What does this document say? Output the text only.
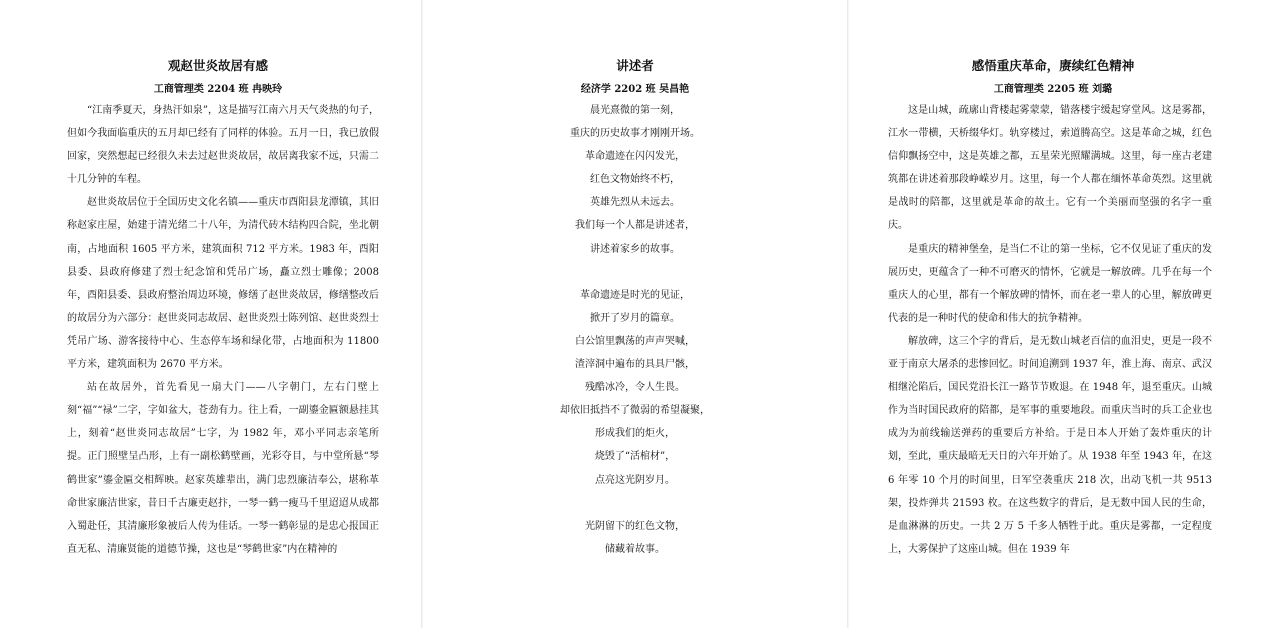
观赵世炎故居有感
工商管理类 2204 班 冉映玲

“江南季夏天，身热汗如泉”，这是描写江南六月天气炎热的句子，但如今我面临重庆的五月却已经有了同样的体验。五月一日，我已放假回家，突然想起已经很久未去过赵世炎故居，故居离我家不远，只需二十几分钟的车程。

赵世炎故居位于全国历史文化名镇——重庆市酉阳县龙潭镇，其旧称赵家庄屋，始建于清光绪二十八年，为清代砖木结构四合院，坐北朝南，占地面积 1605 平方米，建筑面积 712 平方米。1983 年，酉阳县委、县政府修建了烈士纪念馆和凭吊广场，矗立烈士雕像；2008 年，酉阳县委、县政府整治周边环境，修缮了赵世炎故居，修缮整改后的故居分为六部分：赵世炎同志故居、赵世炎烈士陈列馆、赵世炎烈士凭吊广场、游客接待中心、生态停车场和绿化带，占地面积为 11800 平方米，建筑面积为 2670 平方米。

站在故居外，首先看见一扇大门——八字朝门，左右门壁上刻“福”“禄”二字，字如盆大，苍劲有力。往上看，一副鎏金匾额悬挂其上，刻着“赵世炎同志故居”七字，为 1982 年，邓小平同志亲笔所提。正门照壁呈凸形，上有一副松鹤壁画，光彩夺目，与中堂所悬“琴鹤世家”鎏金匾交相辉映。赵家英雄辈出，满门忠烈廉洁奉公，堪称革命世家廉洁世家，昔日千古廉吏赵抃，一琴一鹤一瘦马千里迢迢从成都入蜀赴任，其清廉形象被后人传为佳话。一琴一鹤彰显的是忠心报国正直无私、清廉贤能的道德节操，这也是“琴鹤世家”内在精神的

讲述者
经济学 2202 班 吴昌艳
晨光熹微的第一刻，
重庆的历史故事才刚刚开场。
革命遗迹在闪闪发光，
红色文物始终不朽，
英雄先烈从未远去。
我们每一个人都是讲述者，
讲述着家乡的故事。
革命遗迹是时光的见证，
掀开了岁月的篇章。
白公馆里飘荡的声声哭喊，
渣滓洞中遍布的具具尸骸，
残酷冰冷，令人生畏。
却依旧抵挡不了微弱的希望凝聚，
形成我们的炬火，
烧毁了“活棺材”，
点亮这光阴岁月。
光阴留下的红色文物，
储藏着故事。
感悟重庆革命，赓续红色精神
工商管理类 2205 班 刘璐

这是山城，疏廓山背楼起雾蒙蒙，错落楼宇缓起穿堂风。这是雾都，江水一带横，天桥缀华灯。轨穿楼过，索道腾高空。这是革命之城，红色信仰飘扬空中，这是英雄之都，五星荣光照耀满城。这里，每一座古老建筑都在讲述着那段峥嵘岁月。这里，每一个人都在缅怀革命英烈。这里就是战时的陪都，这里就是革命的故土。它有一个美丽而坚强的名字一重庆。

是重庆的精神堡垒，是当仁不让的第一坐标，它不仅见证了重庆的发展历史，更蕴含了一种不可磨灭的情怀，它就是一解放碑。几乎在每一个重庆人的心里，都有一个解放碑的情怀，而在老一辈人的心里，解放碑更代表的是一种时代的使命和伟大的抗争精神。

解放碑，这三个字的背后，是无数山城老百信的血泪史，更是一段不亚于南京大屠杀的悲惨回忆。时间追溯到 1937 年，淮上海、南京、武汉相继沦陷后，国民党沿长江一路节节败退。在 1948 年，退至重庆。山城作为当时国民政府的陪都，是军事的重要地段。而重庆当时的兵工企业也成为为前线输送弹药的重要后方补给。于是日本人开始了轰炸重庆的计划，至此，重庆最暗无天日的六年开始了。从 1938 年至 1943 年，在这 6 年零 10 个月的时间里，日军空袭重庆 218 次，出动飞机一共 9513 架，投炸弹共 21593 枚。在这些数字的背后，是无数中国人民的生命，是血淋淋的历史。一共 2 万 5 千多人牺牲于此。重庆是雾都，一定程度上，大雾保护了这座山城。但在 1939 年
